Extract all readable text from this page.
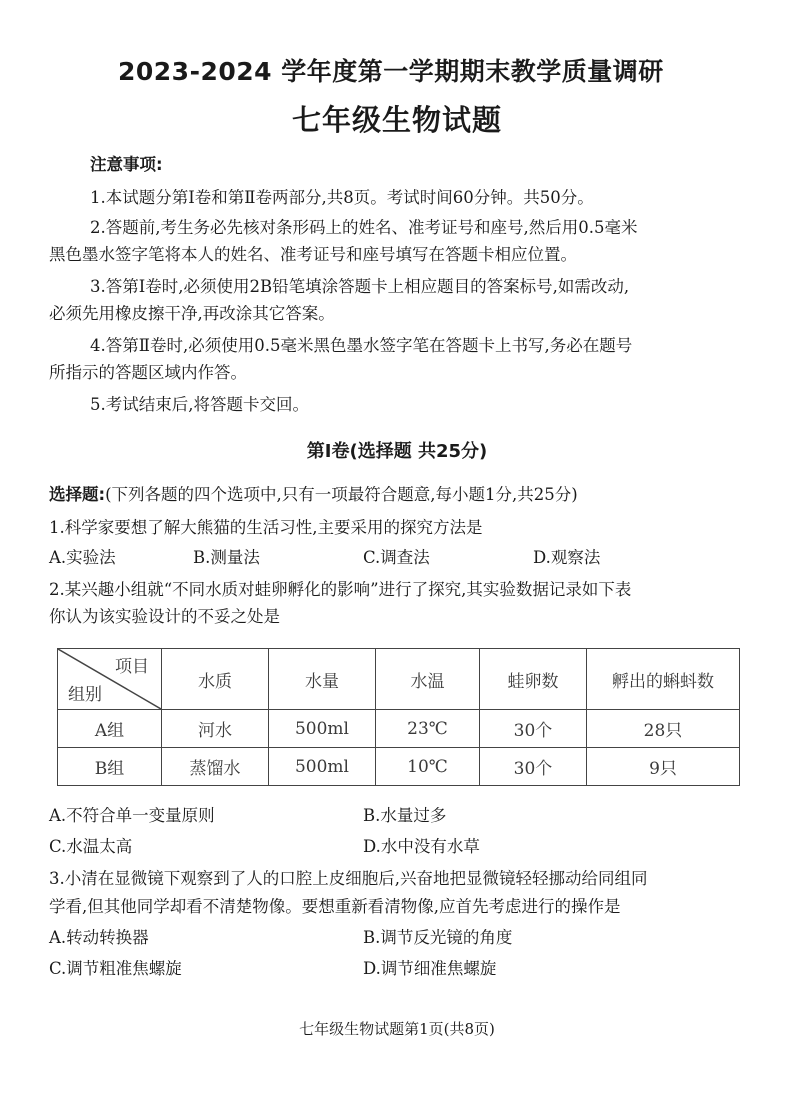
2023-2024 学年度第一学期期末教学质量调研
七年级生物试题
注意事项:
1.本试题分第Ⅰ卷和第Ⅱ卷两部分,共8页。考试时间60分钟。共50分。
2.答题前,考生务必先核对条形码上的姓名、准考证号和座号,然后用0.5毫米
黑色墨水签字笔将本人的姓名、准考证号和座号填写在答题卡相应位置。
3.答第Ⅰ卷时,必须使用2B铅笔填涂答题卡上相应题目的答案标号,如需改动,
必须先用橡皮擦干净,再改涂其它答案。
4.答第Ⅱ卷时,必须使用0.5毫米黑色墨水签字笔在答题卡上书写,务必在题号
所指示的答题区域内作答。
5.考试结束后,将答题卡交回。
第Ⅰ卷(选择题 共25分)
选择题:(下列各题的四个选项中,只有一项最符合题意,每小题1分,共25分)
1.科学家要想了解大熊猫的生活习性,主要采用的探究方法是
A.实验法	B.测量法	C.调查法	D.观察法
2.某兴趣小组就“不同水质对蛙卵孵化的影响”进行了探究,其实验数据记录如下表
你认为该实验设计的不妥之处是
项目
组别	水质	水量	水温	蛙卵数	孵出的蝌蚪数
A组	河水	500ml	23℃	30个	28只
B组	蒸馏水	500ml	10℃	30个	9只
A.不符合单一变量原则	B.水量过多
C.水温太高	D.水中没有水草
3.小清在显微镜下观察到了人的口腔上皮细胞后,兴奋地把显微镜轻轻挪动给同组同
学看,但其他同学却看不清楚物像。要想重新看清物像,应首先考虑进行的操作是
A.转动转换器	B.调节反光镜的角度
C.调节粗准焦螺旋	D.调节细准焦螺旋
七年级生物试题第1页(共8页)
